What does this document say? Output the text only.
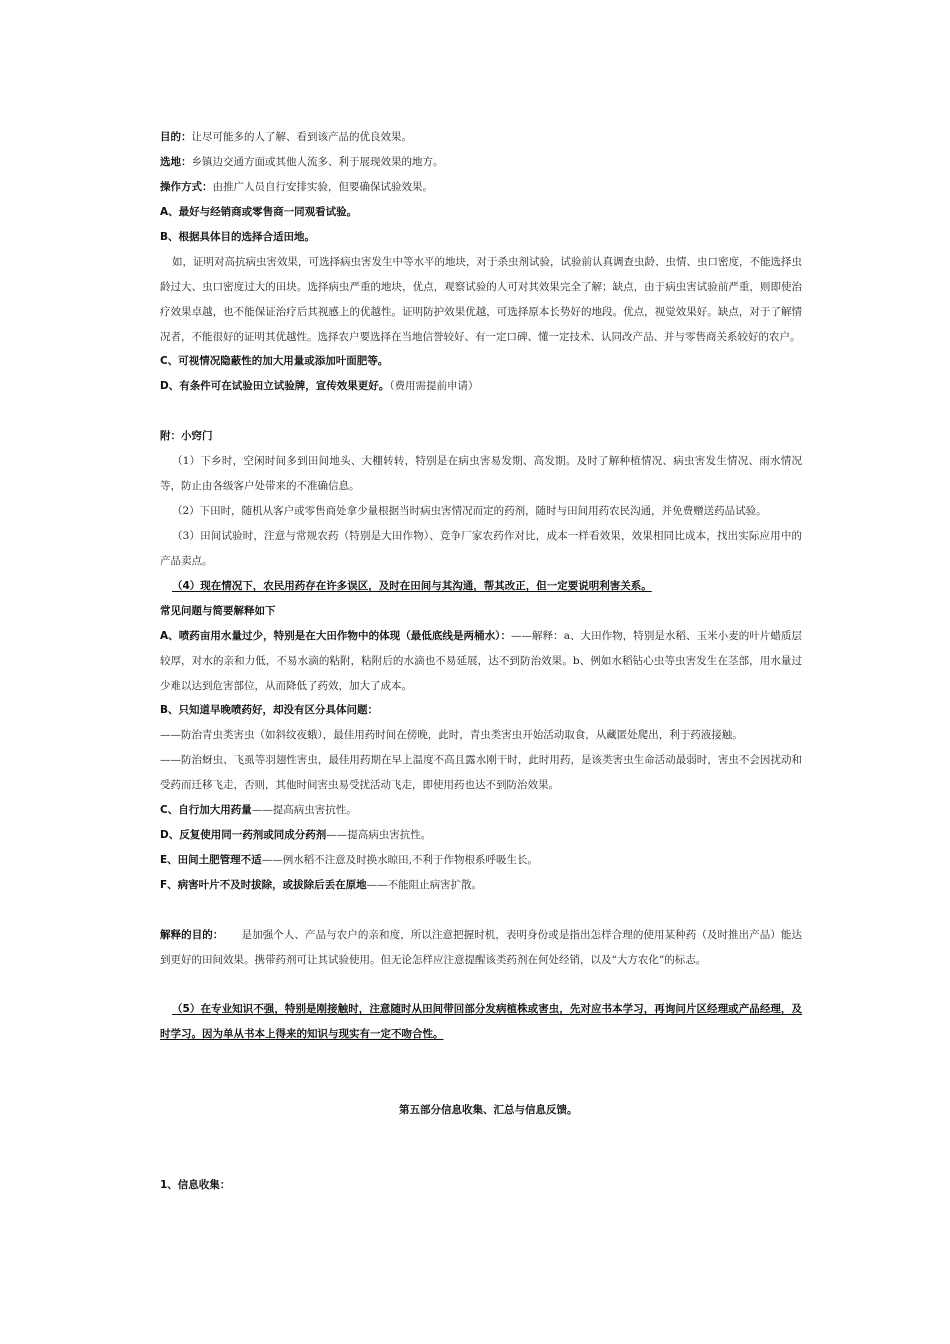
目的：让尽可能多的人了解、看到该产品的优良效果。
选地：乡镇边交通方面或其他人流多、利于展现效果的地方。
操作方式：由推广人员自行安排实验，但要确保试验效果。
A、最好与经销商或零售商一同观看试验。
B、根据具体目的选择合适田地。
如，证明对高抗病虫害效果，可选择病虫害发生中等水平的地块，对于杀虫剂试验，试验前认真调查虫龄、虫情、虫口密度，不能选择虫龄过大、虫口密度过大的田块。选择病虫严重的地块，优点，观察试验的人可对其效果完全了解；缺点，由于病虫害试验前严重，则即使治疗效果卓越，也不能保证治疗后其视感上的优越性。证明防护效果优越，可选择原本长势好的地段。优点，视觉效果好。缺点，对于了解情况者，不能很好的证明其优越性。选择农户要选择在当地信誉较好、有一定口碑、懂一定技术、认同改产品、并与零售商关系较好的农户。
C、可视情况隐蔽性的加大用量或添加叶面肥等。
D、有条件可在试验田立试验牌，宣传效果更好。（费用需提前申请）
附：小窍门
（1）下乡时，空闲时间多到田间地头、大棚转转，特别是在病虫害易发期、高发期。及时了解种植情况、病虫害发生情况、雨水情况等，防止由各级客户处带来的不准确信息。
（2）下田时，随机从客户或零售商处拿少量根据当时病虫害情况而定的药剂，随时与田间用药农民沟通，并免费赠送药品试验。
（3）田间试验时，注意与常规农药（特别是大田作物）、竞争厂家农药作对比，成本一样看效果，效果相同比成本，找出实际应用中的产品卖点。
（4）现在情况下，农民用药存在许多误区，及时在田间与其沟通，帮其改正，但一定要说明利害关系。
常见问题与简要解释如下
A、喷药亩用水量过少，特别是在大田作物中的体现（最低底线是两桶水）：——解释：a、大田作物，特别是水稻、玉米小麦的叶片蜡质层较厚，对水的亲和力低，不易水滴的粘附，粘附后的水滴也不易延展，达不到防治效果。b、例如水稻钻心虫等虫害发生在茎部，用水量过少难以达到危害部位，从而降低了药效，加大了成本。
B、只知道早晚喷药好，却没有区分具体问题：
——防治青虫类害虫（如斜纹夜蛾），最佳用药时间在傍晚，此时，青虫类害虫开始活动取食，从藏匿处爬出，利于药液接触。
——防治蚜虫、飞虱等羽翅性害虫，最佳用药期在早上温度不高且露水刚干时，此时用药，是该类害虫生命活动最弱时，害虫不会因扰动和受药而迁移飞走，否则，其他时间害虫易受扰活动飞走，即使用药也达不到防治效果。
C、自行加大用药量——提高病虫害抗性。
D、反复使用同一药剂或同成分药剂——提高病虫害抗性。
E、田间土肥管理不适——例水稻不注意及时换水晾田,不利于作物根系呼吸生长。
F、病害叶片不及时拔除，或拔除后丢在原地——不能阻止病害扩散。
解释的目的： 是加强个人、产品与农户的亲和度，所以注意把握时机，表明身份或是指出怎样合理的使用某种药（及时推出产品）能达到更好的田间效果。携带药剂可让其试验使用。但无论怎样应注意提醒该类药剂在何处经销，以及“大方农化”的标志。
（5）在专业知识不强，特别是刚接触时，注意随时从田间带回部分发病植株或害虫，先对应书本学习，再询问片区经理或产品经理，及时学习。因为单从书本上得来的知识与现实有一定不吻合性。
第五部分信息收集、汇总与信息反馈。
1、信息收集：
